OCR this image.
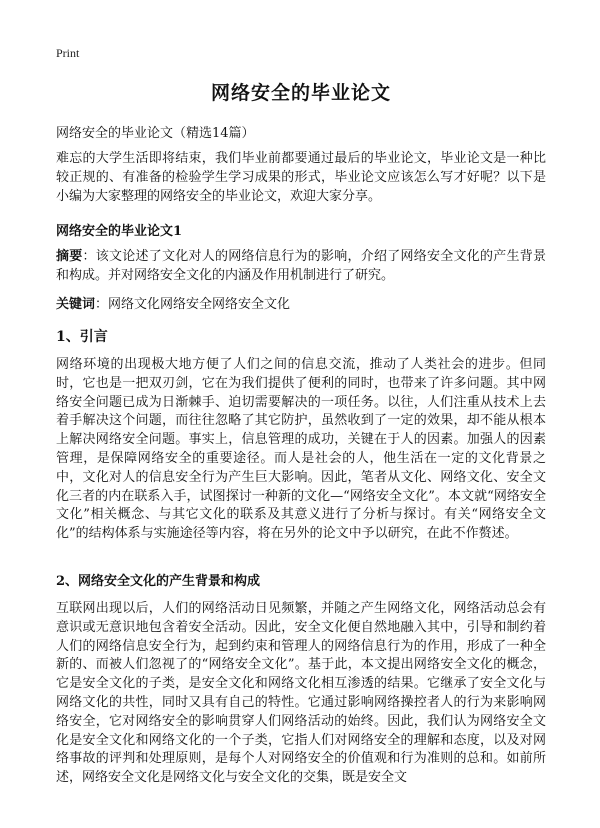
Print
网络安全的毕业论文
网络安全的毕业论文（精选14篇）
难忘的大学生活即将结束，我们毕业前都要通过最后的毕业论文，毕业论文是一种比较正规的、有准备的检验学生学习成果的形式，毕业论文应该怎么写才好呢？以下是小编为大家整理的网络安全的毕业论文，欢迎大家分享。
网络安全的毕业论文1
摘要：该文论述了文化对人的网络信息行为的影响，介绍了网络安全文化的产生背景和构成。并对网络安全文化的内涵及作用机制进行了研究。
关键词：网络文化网络安全网络安全文化
1、引言
网络环境的出现极大地方便了人们之间的信息交流，推动了人类社会的进步。但同时，它也是一把双刃剑，它在为我们提供了便利的同时，也带来了许多问题。其中网络安全问题已成为日渐棘手、迫切需要解决的一项任务。以往，人们注重从技术上去着手解决这个问题，而往往忽略了其它防护，虽然收到了一定的效果，却不能从根本上解决网络安全问题。事实上，信息管理的成功，关键在于人的因素。加强人的因素管理，是保障网络安全的重要途径。而人是社会的人，他生活在一定的文化背景之中，文化对人的信息安全行为产生巨大影响。因此，笔者从文化、网络文化、安全文化三者的内在联系入手，试图探讨一种新的文化—“网络安全文化”。本文就“网络安全文化”相关概念、与其它文化的联系及其意义进行了分析与探讨。有关“网络安全文化”的结构体系与实施途径等内容，将在另外的论文中予以研究，在此不作赘述。
2、网络安全文化的产生背景和构成
互联网出现以后，人们的网络活动日见频繁，并随之产生网络文化，网络活动总会有意识或无意识地包含着安全活动。因此，安全文化便自然地融入其中，引导和制约着人们的网络信息安全行为，起到约束和管理人的网络信息行为的作用，形成了一种全新的、而被人们忽视了的“网络安全文化”。基于此，本文提出网络安全文化的概念，它是安全文化的子类，是安全文化和网络文化相互渗透的结果。它继承了安全文化与网络文化的共性，同时又具有自己的特性。它通过影响网络操控者人的行为来影响网络安全，它对网络安全的影响贯穿人们网络活动的始终。因此，我们认为网络安全文化是安全文化和网络文化的一个子类，它指人们对网络安全的理解和态度，以及对网络事故的评判和处理原则，是每个人对网络安全的价值观和行为准则的总和。如前所述，网络安全文化是网络文化与安全文化的交集，既是安全文
